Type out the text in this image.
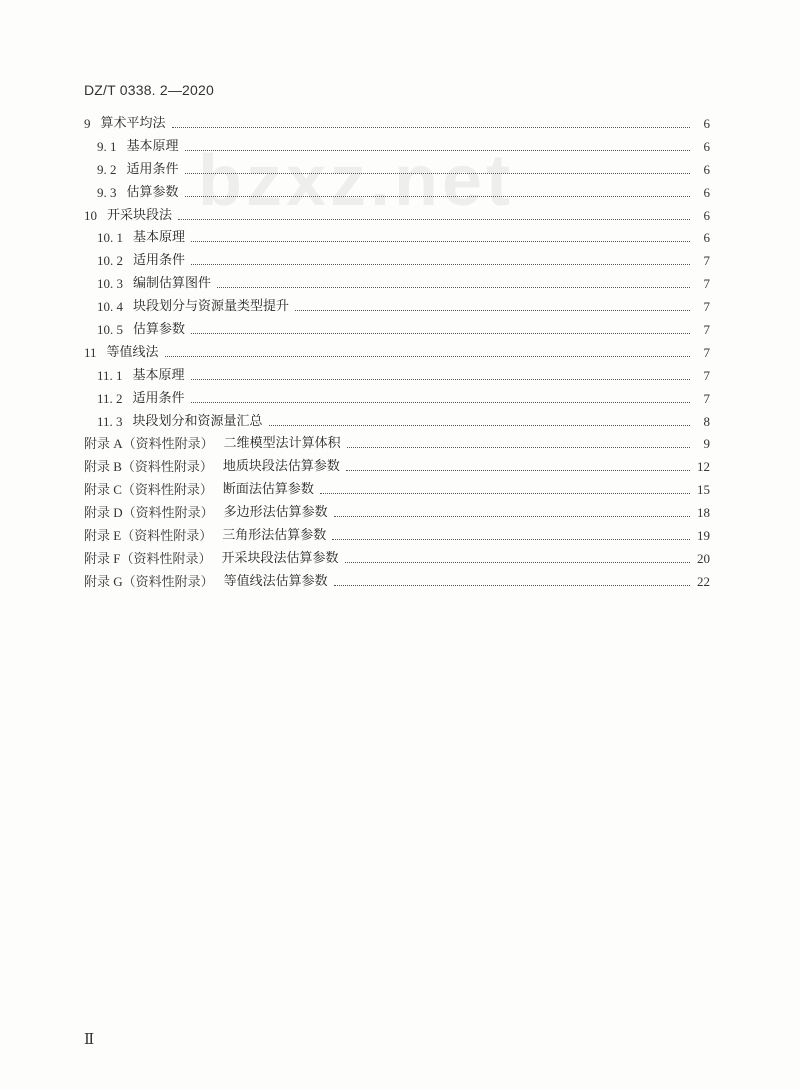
DZ/T 0338. 2—2020
bzxz.net
9 算术平均法	6
9. 1 基本原理	6
9. 2 适用条件	6
9. 3 估算参数	6
10 开采块段法	6
10. 1 基本原理	6
10. 2 适用条件	7
10. 3 编制估算图件	7
10. 4 块段划分与资源量类型提升	7
10. 5 估算参数	7
11 等值线法	7
11. 1 基本原理	7
11. 2 适用条件	7
11. 3 块段划分和资源量汇总	8
附录 A（资料性附录） 二维模型法计算体积	9
附录 B（资料性附录） 地质块段法估算参数	12
附录 C（资料性附录） 断面法估算参数	15
附录 D（资料性附录） 多边形法估算参数	18
附录 E（资料性附录） 三角形法估算参数	19
附录 F（资料性附录） 开采块段法估算参数	20
附录 G（资料性附录） 等值线法估算参数	22
Ⅱ
